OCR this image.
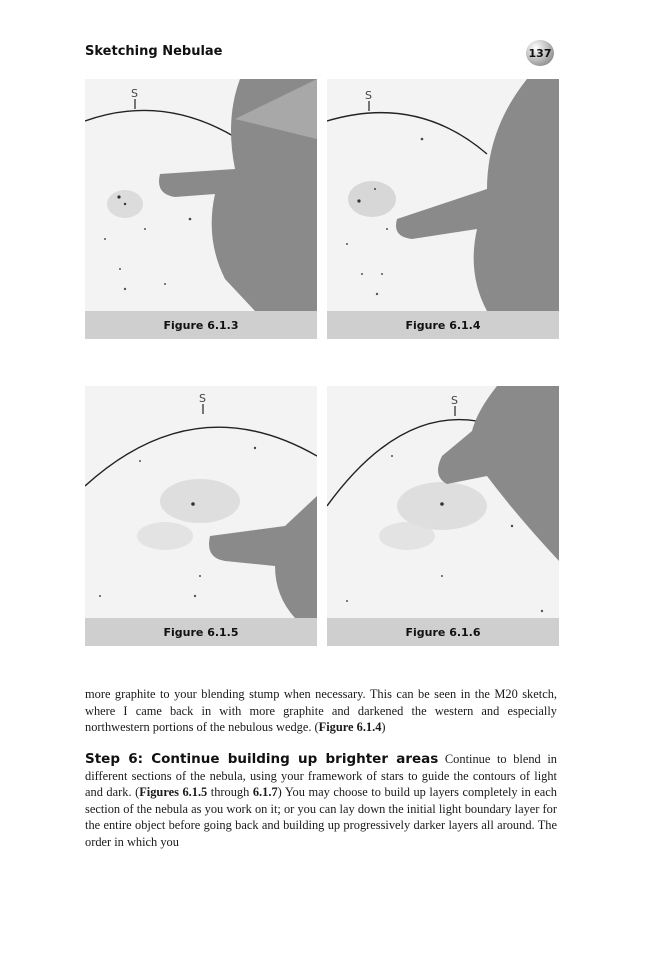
Sketching Nebulae	137
S
Figure 6.1.3
S
Figure 6.1.4
S
Figure 6.1.5
S
Figure 6.1.6

more graphite to your blending stump when necessary. This can be seen in the M20 sketch, where I came back in with more graphite and darkened the western and especially northwestern portions of the nebulous wedge. (Figure 6.1.4)

Step 6: Continue building up brighter areas Continue to blend in different sections of the nebula, using your framework of stars to guide the contours of light and dark. (Figures 6.1.5 through 6.1.7) You may choose to build up layers completely in each section of the nebula as you work on it; or you can lay down the initial light boundary layer for the entire object before going back and building up progressively darker layers all around. The order in which you
